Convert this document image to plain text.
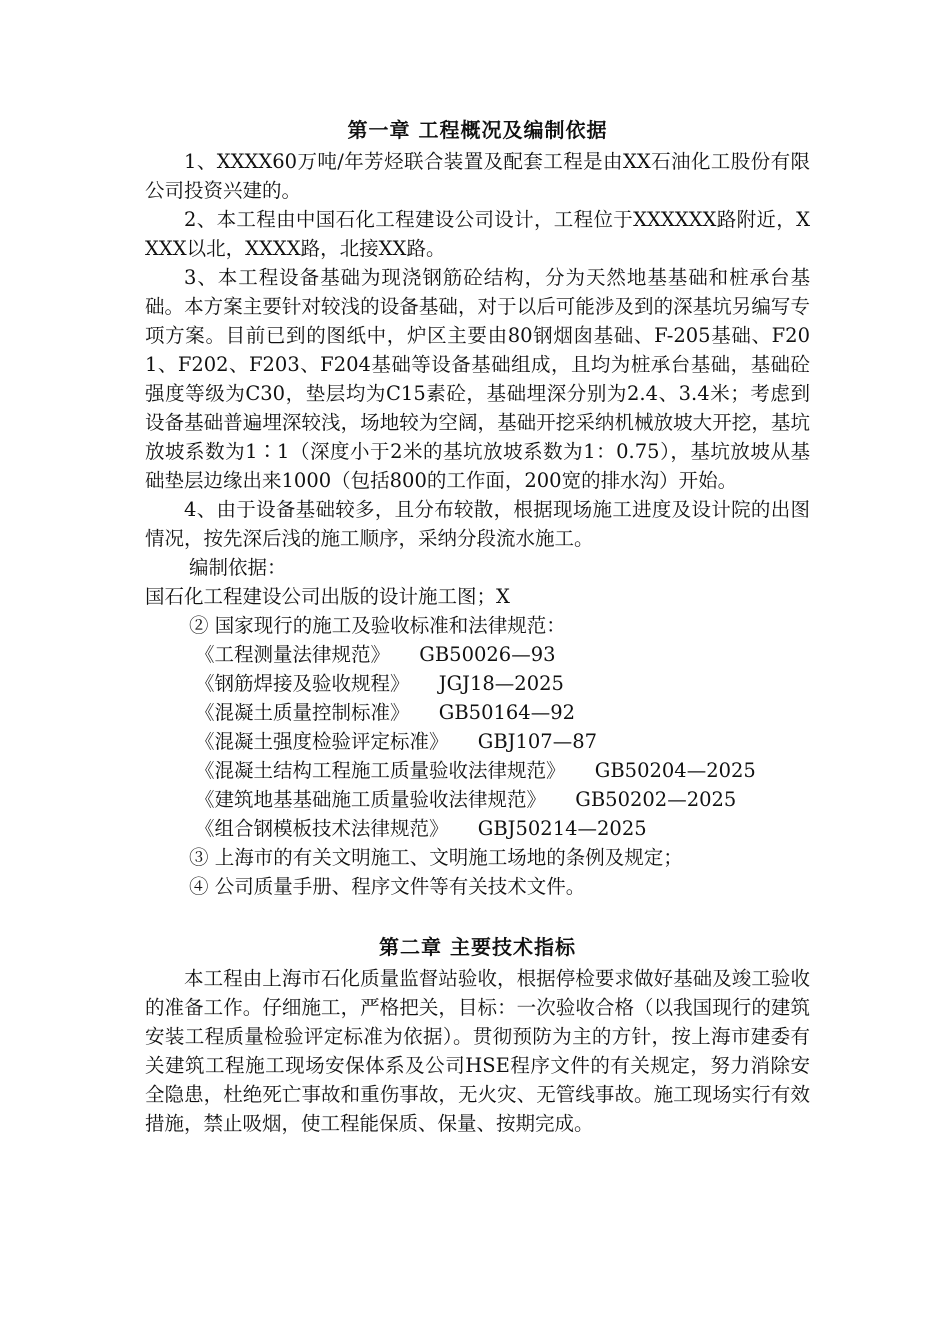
第一章 工程概况及编制依据

1、XXXX60万吨/年芳烃联合装置及配套工程是由XX石油化工股份有限公司投资兴建的。

2、本工程由中国石化工程建设公司设计，工程位于XXXXXX路附近，XXXX以北，XXXX路，北接XX路。

3、本工程设备基础为现浇钢筋砼结构，分为天然地基基础和桩承台基础。本方案主要针对较浅的设备基础，对于以后可能涉及到的深基坑另编写专项方案。目前已到的图纸中，炉区主要由80钢烟囱基础、F-205基础、F201、F202、F203、F204基础等设备基础组成，且均为桩承台基础，基础砼强度等级为C30，垫层均为C15素砼，基础埋深分别为2.4、3.4米；考虑到设备基础普遍埋深较浅，场地较为空阔，基础开挖采纳机械放坡大开挖，基坑放坡系数为1∶1（深度小于2米的基坑放坡系数为1：0.75），基坑放坡从基础垫层边缘出来1000（包括800的工作面，200宽的排水沟）开始。

4、由于设备基础较多，且分布较散，根据现场施工进度及设计院的出图情况，按先深后浅的施工顺序，采纳分段流水施工。

编制依据：
国石化工程建设公司出版的设计施工图；X
② 国家现行的施工及验收标准和法律规范：
《工程测量法律规范》 GB50026—93
《钢筋焊接及验收规程》 JGJ18—2025
《混凝土质量控制标准》 GB50164—92
《混凝土强度检验评定标准》 GBJ107—87
《混凝土结构工程施工质量验收法律规范》 GB50204—2025
《建筑地基基础施工质量验收法律规范》 GB50202—2025
《组合钢模板技术法律规范》 GBJ50214—2025
③ 上海市的有关文明施工、文明施工场地的条例及规定；
④ 公司质量手册、程序文件等有关技术文件。
第二章 主要技术指标

本工程由上海市石化质量监督站验收，根据停检要求做好基础及竣工验收的准备工作。仔细施工，严格把关，目标：一次验收合格（以我国现行的建筑安装工程质量检验评定标准为依据）。贯彻预防为主的方针，按上海市建委有关建筑工程施工现场安保体系及公司HSE程序文件的有关规定，努力消除安全隐患，杜绝死亡事故和重伤事故，无火灾、无管线事故。施工现场实行有效措施，禁止吸烟，使工程能保质、保量、按期完成。
